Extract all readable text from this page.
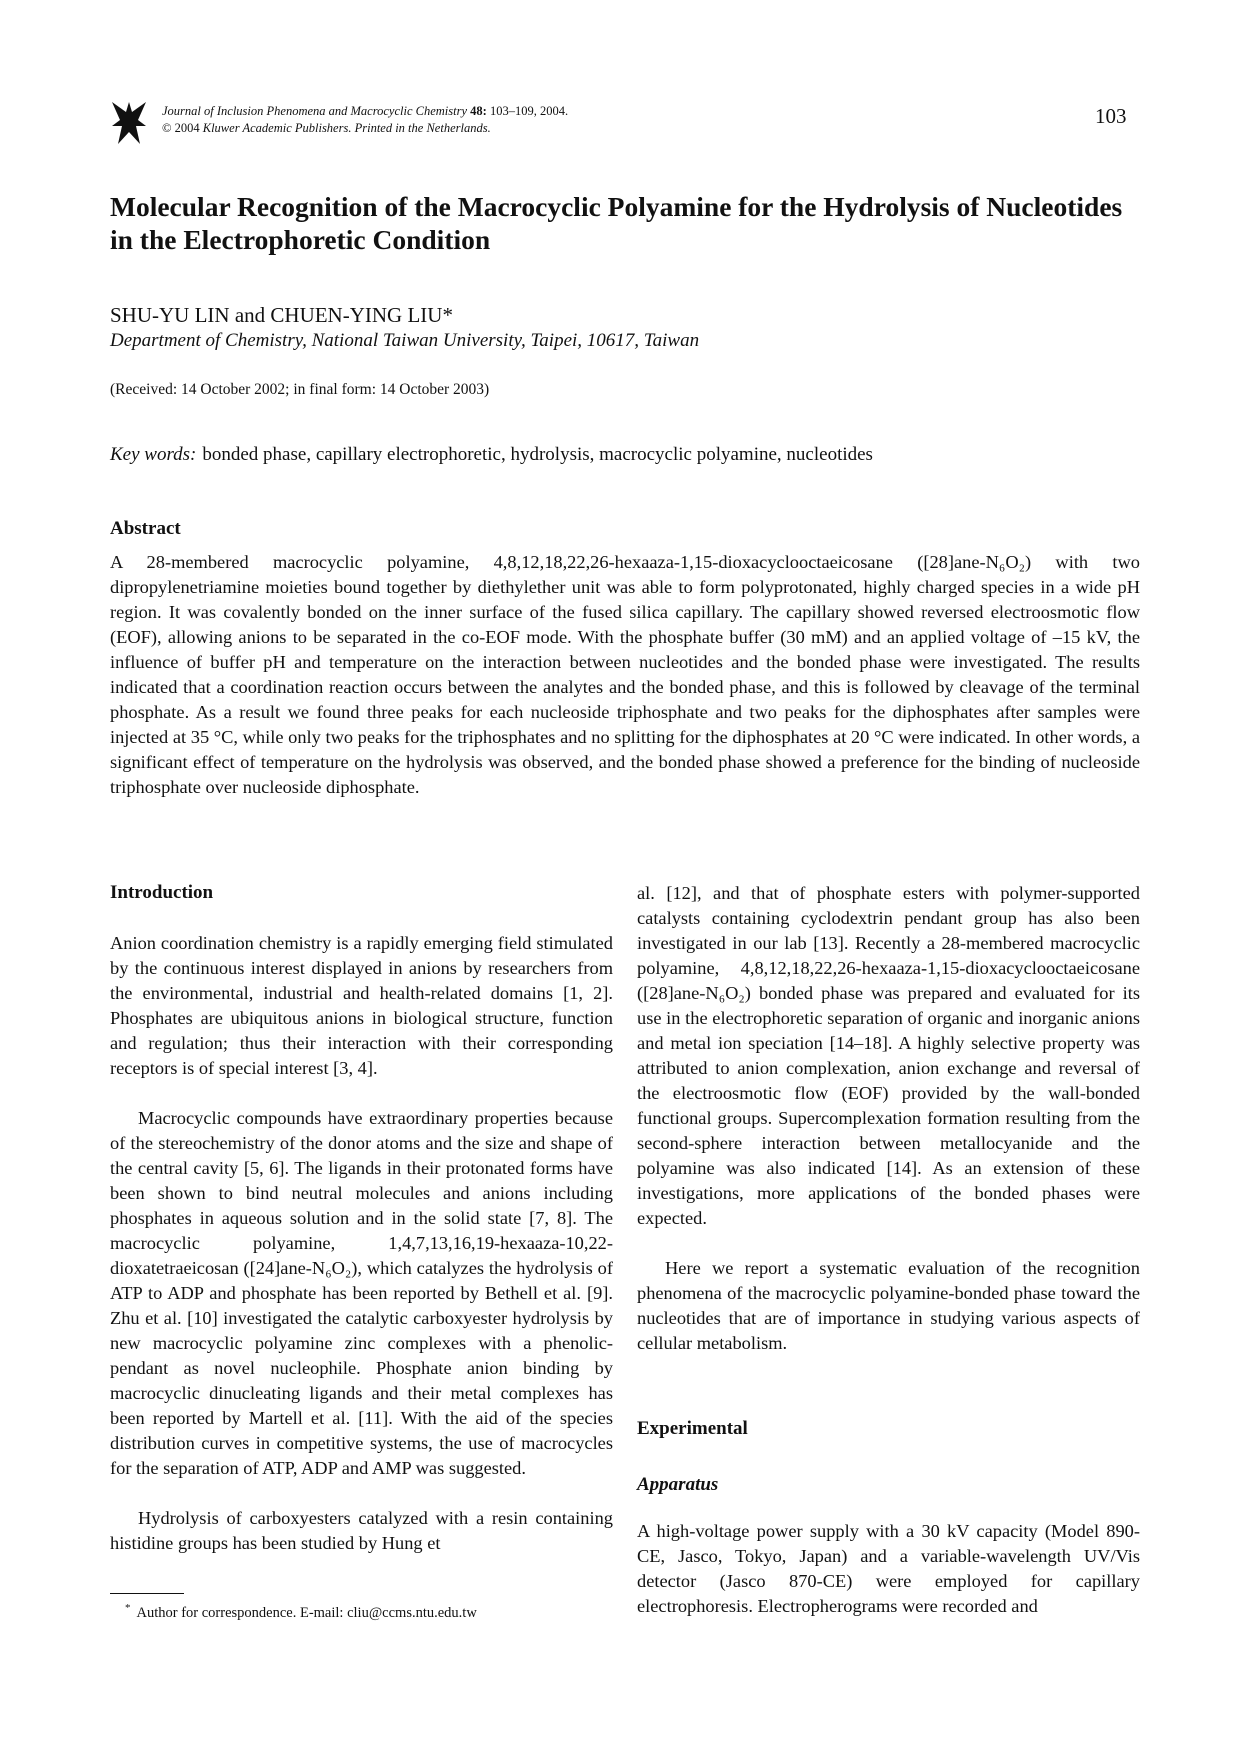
Journal of Inclusion Phenomena and Macrocyclic Chemistry 48: 103–109, 2004.
© 2004 Kluwer Academic Publishers. Printed in the Netherlands.	103
Molecular Recognition of the Macrocyclic Polyamine for the Hydrolysis of Nucleotides in the Electrophoretic Condition
SHU-YU LIN and CHUEN-YING LIU*
Department of Chemistry, National Taiwan University, Taipei, 10617, Taiwan
(Received: 14 October 2002; in final form: 14 October 2003)
Key words: bonded phase, capillary electrophoretic, hydrolysis, macrocyclic polyamine, nucleotides
Abstract

A 28-membered macrocyclic polyamine, 4,8,12,18,22,26-hexaaza-1,15-dioxacyclooctaeicosane ([28]ane-N₆O₂) with two dipropylenetriamine moieties bound together by diethylether unit was able to form polyprotonated, highly charged species in a wide pH region. It was covalently bonded on the inner surface of the fused silica capillary. The capillary showed reversed electroosmotic flow (EOF), allowing anions to be separated in the co-EOF mode. With the phosphate buffer (30 mM) and an applied voltage of –15 kV, the influence of buffer pH and temperature on the interaction between nucleotides and the bonded phase were investigated. The results indicated that a coordination reaction occurs between the analytes and the bonded phase, and this is followed by cleavage of the terminal phosphate. As a result we found three peaks for each nucleoside triphosphate and two peaks for the diphosphates after samples were injected at 35 °C, while only two peaks for the triphosphates and no splitting for the diphosphates at 20 °C were indicated. In other words, a significant effect of temperature on the hydrolysis was observed, and the bonded phase showed a preference for the binding of nucleoside triphosphate over nucleoside diphosphate.

Introduction

Anion coordination chemistry is a rapidly emerging field stimulated by the continuous interest displayed in anions by researchers from the environmental, industrial and health-related domains [1, 2]. Phosphates are ubiquitous anions in biological structure, function and regulation; thus their interaction with their corresponding receptors is of special interest [3, 4].

Macrocyclic compounds have extraordinary properties because of the stereochemistry of the donor atoms and the size and shape of the central cavity [5, 6]. The ligands in their protonated forms have been shown to bind neutral molecules and anions including phosphates in aqueous solution and in the solid state [7, 8]. The macrocyclic polyamine, 1,4,7,13,16,19-hexaaza-10,22-dioxatetraeicosan ([24]ane-N₆O₂), which catalyzes the hydrolysis of ATP to ADP and phosphate has been reported by Bethell et al. [9]. Zhu et al. [10] investigated the catalytic carboxyester hydrolysis by new macrocyclic polyamine zinc complexes with a phenolic-pendant as novel nucleophile. Phosphate anion binding by macrocyclic dinucleating ligands and their metal complexes has been reported by Martell et al. [11]. With the aid of the species distribution curves in competitive systems, the use of macrocycles for the separation of ATP, ADP and AMP was suggested.

Hydrolysis of carboxyesters catalyzed with a resin containing histidine groups has been studied by Hung et

* Author for correspondence. E-mail: cliu@ccms.ntu.edu.tw

al. [12], and that of phosphate esters with polymer-supported catalysts containing cyclodextrin pendant group has also been investigated in our lab [13]. Recently a 28-membered macrocyclic polyamine, 4,8,12,18,22,26-hexaaza-1,15-dioxacyclooctaeicosane ([28]ane-N₆O₂) bonded phase was prepared and evaluated for its use in the electrophoretic separation of organic and inorganic anions and metal ion speciation [14–18]. A highly selective property was attributed to anion complexation, anion exchange and reversal of the electroosmotic flow (EOF) provided by the wall-bonded functional groups. Supercomplexation formation resulting from the second-sphere interaction between metallocyanide and the polyamine was also indicated [14]. As an extension of these investigations, more applications of the bonded phases were expected.

Here we report a systematic evaluation of the recognition phenomena of the macrocyclic polyamine-bonded phase toward the nucleotides that are of importance in studying various aspects of cellular metabolism.

Experimental
Apparatus

A high-voltage power supply with a 30 kV capacity (Model 890-CE, Jasco, Tokyo, Japan) and a variable-wavelength UV/Vis detector (Jasco 870-CE) were employed for capillary electrophoresis. Electropherograms were recorded and
